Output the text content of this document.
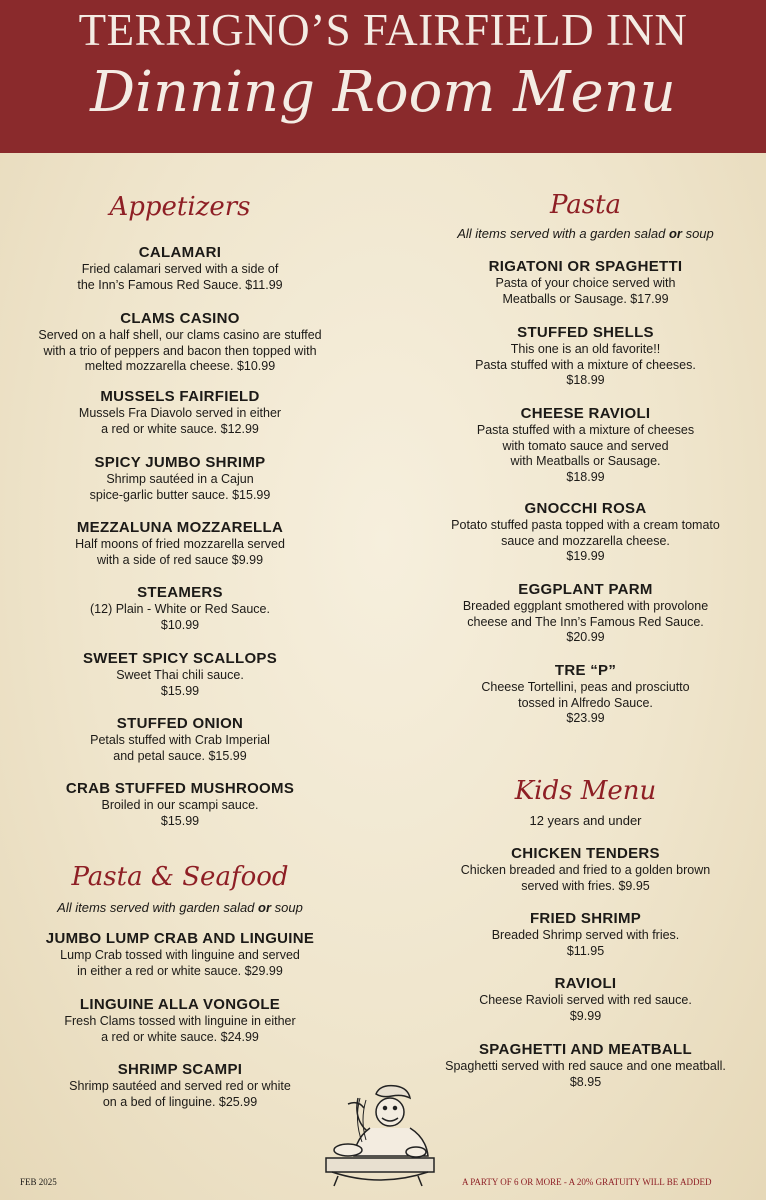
TERRIGNO’S FAIRFIELD INN
Dinning Room Menu
Appetizers
CALAMARI
Fried calamari served with a side of
the Inn’s Famous Red Sauce. $11.99
CLAMS CASINO
Served on a half shell, our clams casino are stuffed
with a trio of peppers and bacon then topped with
melted mozzarella cheese. $10.99
MUSSELS FAIRFIELD
Mussels Fra Diavolo served in either
a red or white sauce. $12.99
SPICY JUMBO SHRIMP
Shrimp sautéed in a Cajun
spice-garlic butter sauce. $15.99
MEZZALUNA MOZZARELLA
Half moons of fried mozzarella served
with a side of red sauce $9.99
STEAMERS
(12) Plain - White or Red Sauce.
$10.99
SWEET SPICY SCALLOPS
Sweet Thai chili sauce.
$15.99
STUFFED ONION
Petals stuffed with Crab Imperial
and petal sauce. $15.99
CRAB STUFFED MUSHROOMS
Broiled in our scampi sauce.
$15.99
Pasta & Seafood
All items served with garden salad or soup
JUMBO LUMP CRAB AND LINGUINE
Lump Crab tossed with linguine and served
in either a red or white sauce. $29.99
LINGUINE ALLA VONGOLE
Fresh Clams tossed with linguine in either
a red or white sauce. $24.99
SHRIMP SCAMPI
Shrimp sautéed and served red or white
on a bed of linguine. $25.99
Pasta
All items served with a garden salad or soup
RIGATONI OR SPAGHETTI
Pasta of your choice served with
Meatballs or Sausage. $17.99
STUFFED SHELLS
This one is an old favorite!!
Pasta stuffed with a mixture of cheeses.
$18.99
CHEESE RAVIOLI
Pasta stuffed with a mixture of cheeses
with tomato sauce and served
with Meatballs or Sausage.
$18.99
GNOCCHI ROSA
Potato stuffed pasta topped with a cream tomato
sauce and mozzarella cheese.
$19.99
EGGPLANT PARM
Breaded eggplant smothered with provolone
cheese and The Inn’s Famous Red Sauce.
$20.99
TRE “P”
Cheese Tortellini, peas and prosciutto
tossed in Alfredo Sauce.
$23.99
Kids Menu
12 years and under
CHICKEN TENDERS
Chicken breaded and fried to a golden brown
served with fries. $9.95
FRIED SHRIMP
Breaded Shrimp served with fries.
$11.95
RAVIOLI
Cheese Ravioli served with red sauce.
$9.99
SPAGHETTI AND MEATBALL
Spaghetti served with red sauce and one meatball.
$8.95
FEB 2025	A PARTY OF 6 OR MORE - A 20% GRATUITY WILL BE ADDED
